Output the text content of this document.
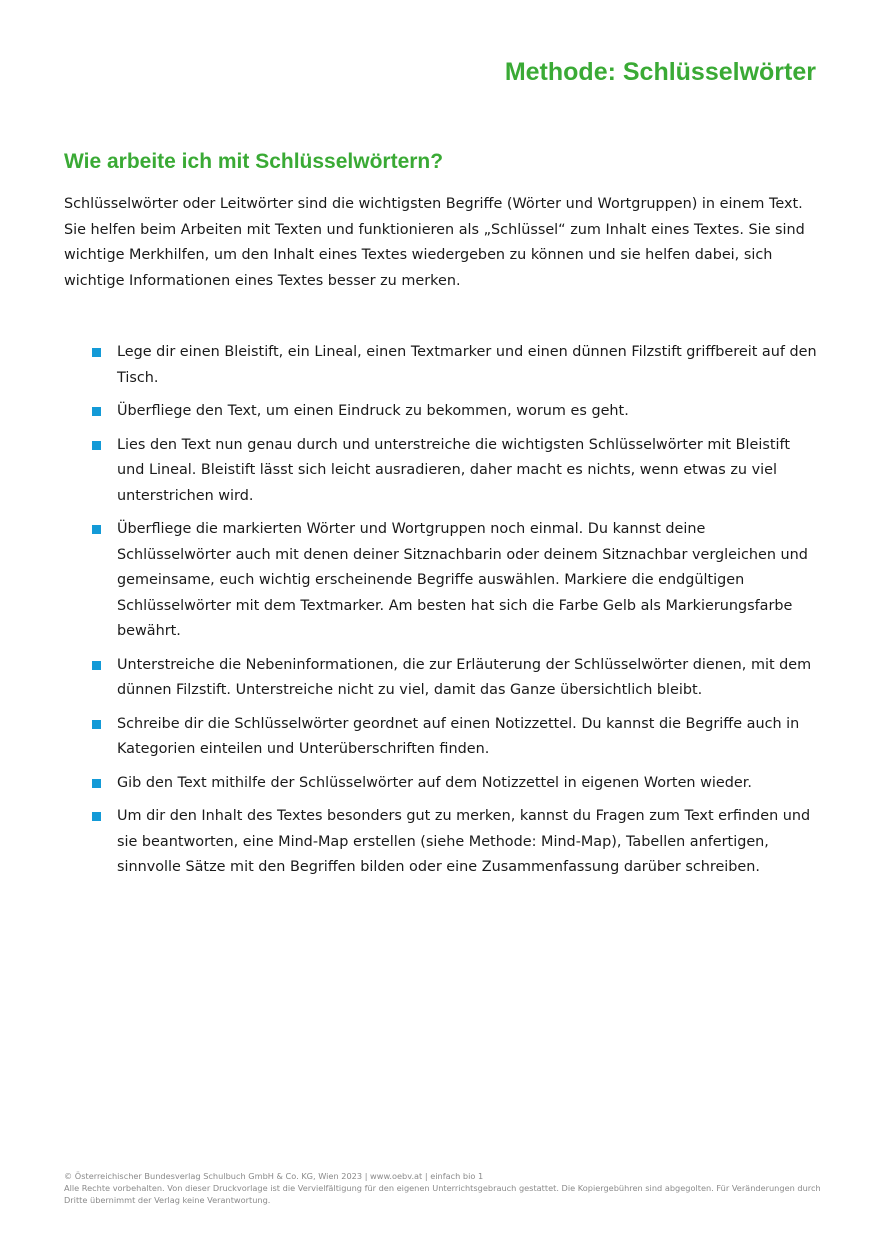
Methode: Schlüsselwörter
Wie arbeite ich mit Schlüsselwörtern?

Schlüsselwörter oder Leitwörter sind die wichtigsten Begriffe (Wörter und Wortgruppen) in einem Text. Sie helfen beim Arbeiten mit Texten und funktionieren als „Schlüssel“ zum Inhalt eines Textes. Sie sind wichtige Merkhilfen, um den Inhalt eines Textes wiedergeben zu können und sie helfen dabei, sich wichtige Informationen eines Textes besser zu merken.

Lege dir einen Bleistift, ein Lineal, einen Textmarker und einen dünnen Filzstift griffbereit auf den Tisch.
Überfliege den Text, um einen Eindruck zu bekommen, worum es geht.
Lies den Text nun genau durch und unterstreiche die wichtigsten Schlüsselwörter mit Bleistift und Lineal. Bleistift lässt sich leicht ausradieren, daher macht es nichts, wenn etwas zu viel unterstrichen wird.
Überfliege die markierten Wörter und Wortgruppen noch einmal. Du kannst deine Schlüsselwörter auch mit denen deiner Sitznachbarin oder deinem Sitznachbar vergleichen und gemeinsame, euch wichtig erscheinende Begriffe auswählen. Markiere die endgültigen Schlüsselwörter mit dem Textmarker. Am besten hat sich die Farbe Gelb als Markierungsfarbe bewährt.
Unterstreiche die Nebeninformationen, die zur Erläuterung der Schlüsselwörter dienen, mit dem dünnen Filzstift. Unterstreiche nicht zu viel, damit das Ganze übersichtlich bleibt.
Schreibe dir die Schlüsselwörter geordnet auf einen Notizzettel. Du kannst die Begriffe auch in Kategorien einteilen und Unterüberschriften finden.
Gib den Text mithilfe der Schlüsselwörter auf dem Notizzettel in eigenen Worten wieder.
Um dir den Inhalt des Textes besonders gut zu merken, kannst du Fragen zum Text erfinden und sie beantworten, eine Mind-Map erstellen (siehe Methode: Mind-Map), Tabellen anfertigen, sinnvolle Sätze mit den Begriffen bilden oder eine Zusammenfassung darüber schreiben.
© Österreichischer Bundesverlag Schulbuch GmbH & Co. KG, Wien 2023 | www.oebv.at | einfach bio 1
Alle Rechte vorbehalten. Von dieser Druckvorlage ist die Vervielfältigung für den eigenen Unterrichtsgebrauch gestattet. Die Kopiergebühren sind abgegolten. Für Veränderungen durch Dritte übernimmt der Verlag keine Verantwortung.
